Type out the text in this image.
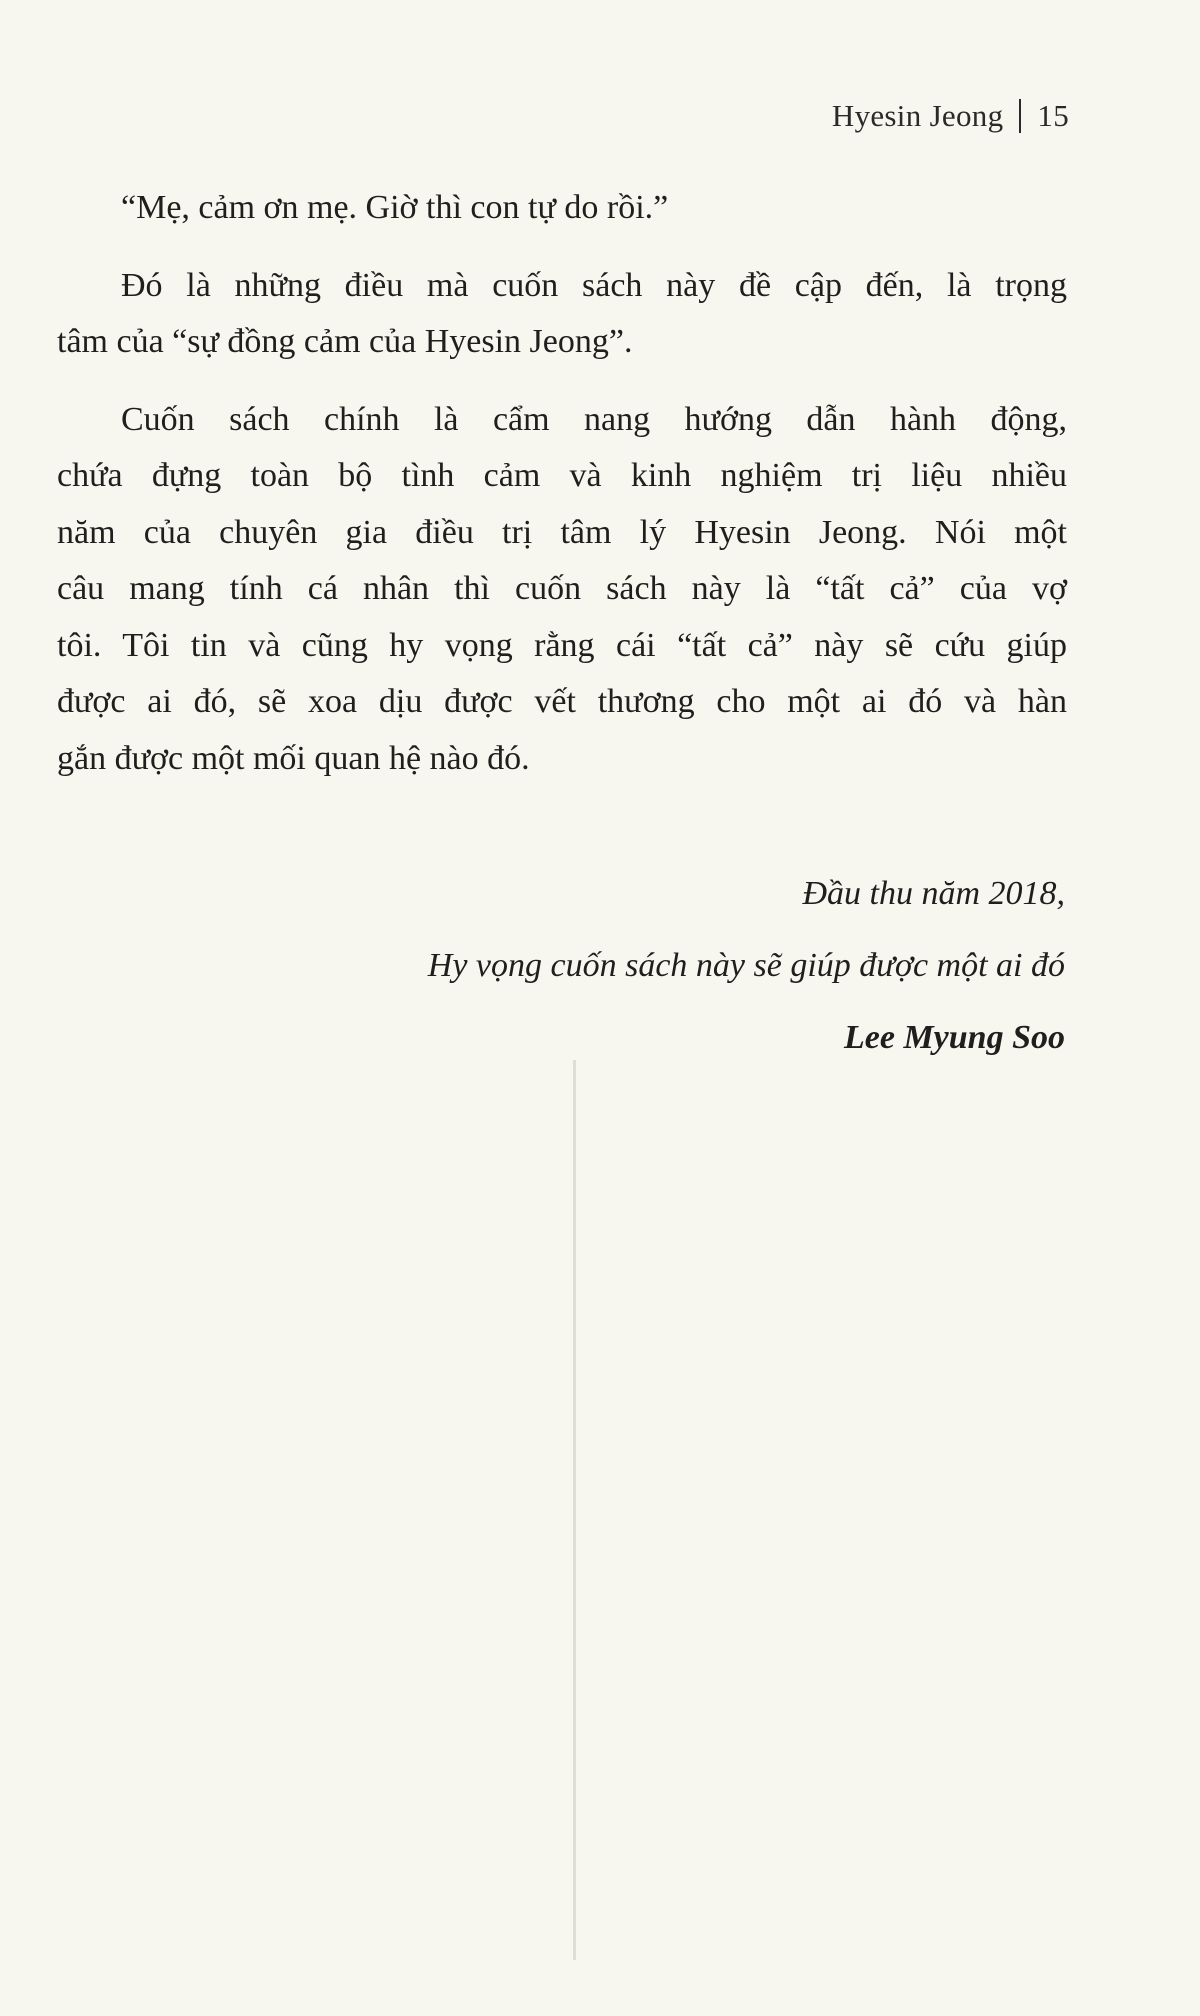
Hyesin Jeong 15

“Mẹ, cảm ơn mẹ. Giờ thì con tự do rồi.”

Đó là những điều mà cuốn sách này đề cập đến, là trọng
tâm của “sự đồng cảm của Hyesin Jeong”.

Cuốn sách chính là cẩm nang hướng dẫn hành động,
chứa đựng toàn bộ tình cảm và kinh nghiệm trị liệu nhiều
năm của chuyên gia điều trị tâm lý Hyesin Jeong. Nói một
câu mang tính cá nhân thì cuốn sách này là “tất cả” của vợ
tôi. Tôi tin và cũng hy vọng rằng cái “tất cả” này sẽ cứu giúp
được ai đó, sẽ xoa dịu được vết thương cho một ai đó và hàn
gắn được một mối quan hệ nào đó.

Đầu thu năm 2018,
Hy vọng cuốn sách này sẽ giúp được một ai đó
Lee Myung Soo
